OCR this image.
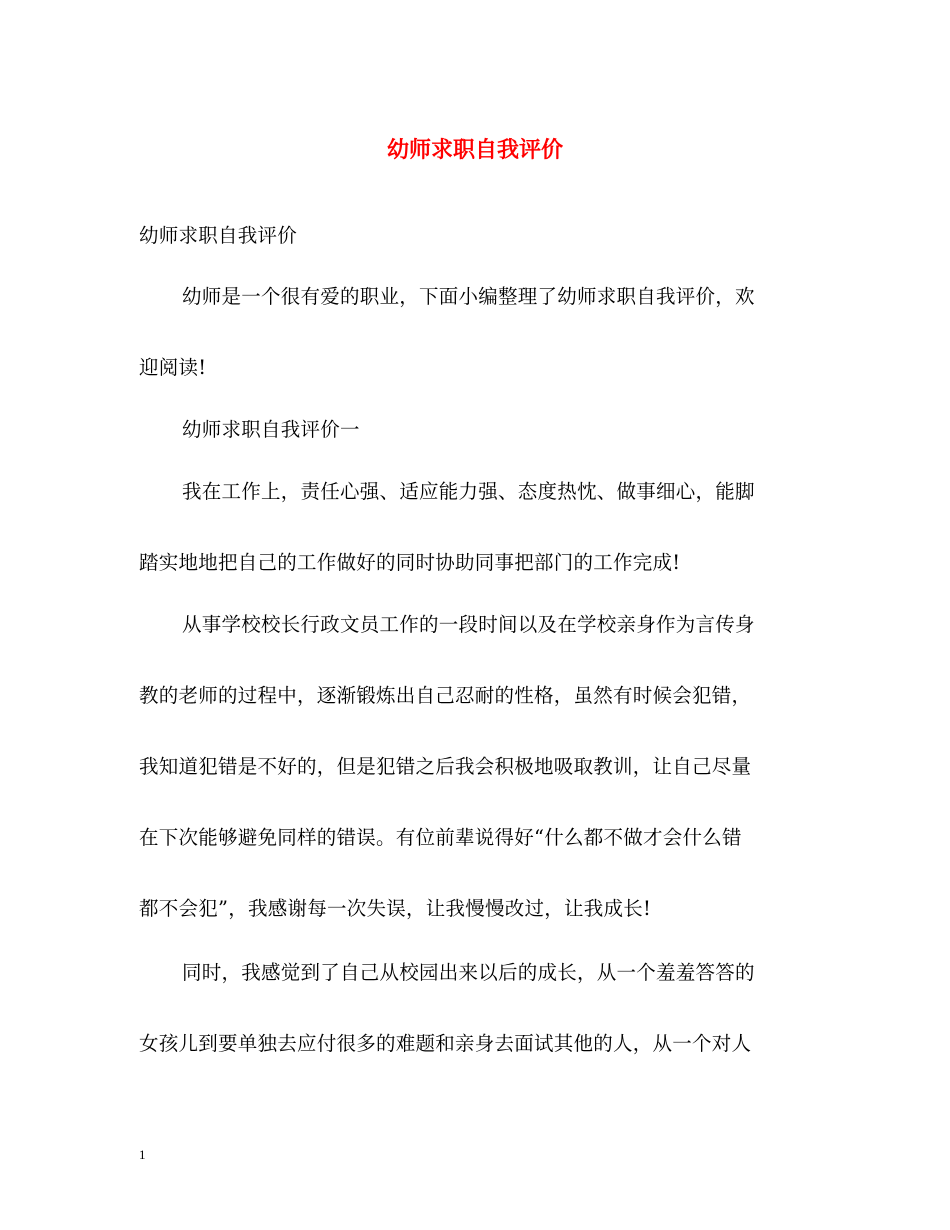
幼师求职自我评价
幼师求职自我评价
幼师是一个很有爱的职业，下面小编整理了幼师求职自我评价，欢
迎阅读!
幼师求职自我评价一
我在工作上，责任心强、适应能力强、态度热忱、做事细心，能脚
踏实地地把自己的工作做好的同时协助同事把部门的工作完成!
从事学校校长行政文员工作的一段时间以及在学校亲身作为言传身
教的老师的过程中，逐渐锻炼出自己忍耐的性格，虽然有时候会犯错，
我知道犯错是不好的，但是犯错之后我会积极地吸取教训，让自己尽量
在下次能够避免同样的错误。有位前辈说得好“什么都不做才会什么错
都不会犯”，我感谢每一次失误，让我慢慢改过，让我成长!
同时，我感觉到了自己从校园出来以后的成长，从一个羞羞答答的
女孩儿到要单独去应付很多的难题和亲身去面试其他的人，从一个对人
1
